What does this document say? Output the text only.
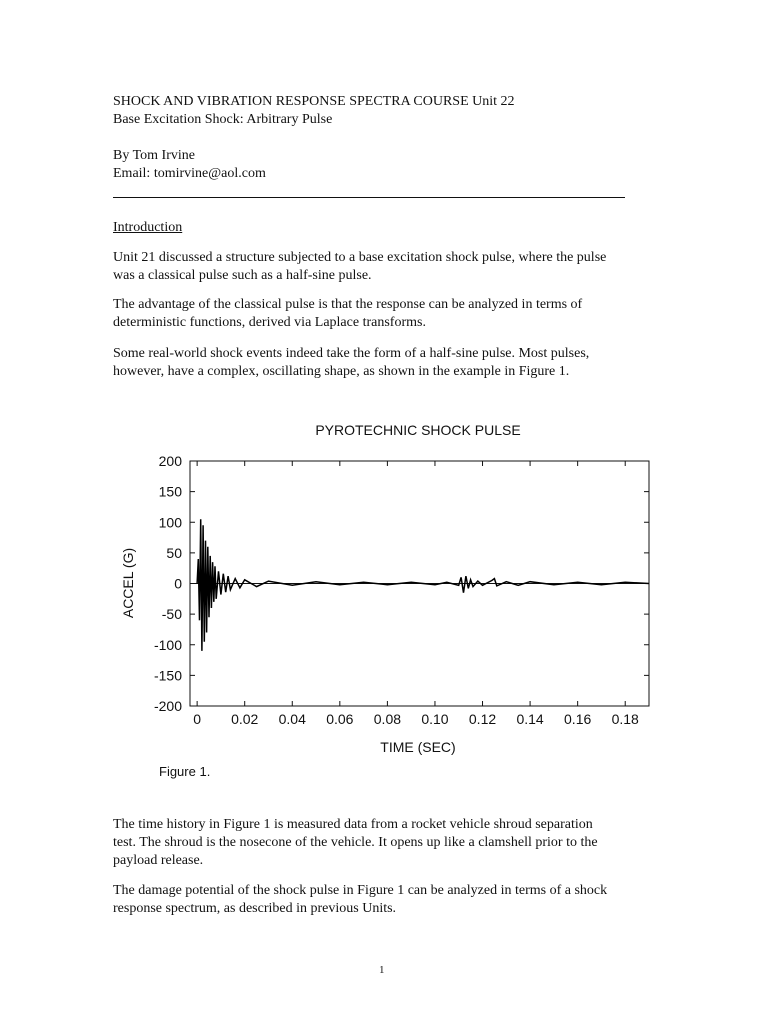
SHOCK AND VIBRATION RESPONSE SPECTRA COURSE Unit 22
Base Excitation Shock: Arbitrary Pulse
By Tom Irvine
Email: tomirvine@aol.com
Introduction
Unit 21 discussed a structure subjected to a base excitation shock pulse, where the pulse
was a classical pulse such as a half-sine pulse.
The advantage of the classical pulse is that the response can be analyzed in terms of
deterministic functions, derived via Laplace transforms.
Some real-world shock events indeed take the form of a half-sine pulse. Most pulses,
however, have a complex, oscillating shape, as shown in the example in Figure 1.
PYROTECHNIC SHOCK PULSE
200
150
100
50
0
-50
-100
-150
-200
0 0.02 0.04 0.06 0.08 0.10 0.12 0.14 0.16 0.18
TIME (SEC)
ACCEL (G)
Figure 1.
The time history in Figure 1 is measured data from a rocket vehicle shroud separation
test. The shroud is the nosecone of the vehicle. It opens up like a clamshell prior to the
payload release.
The damage potential of the shock pulse in Figure 1 can be analyzed in terms of a shock
response spectrum, as described in previous Units.
1
